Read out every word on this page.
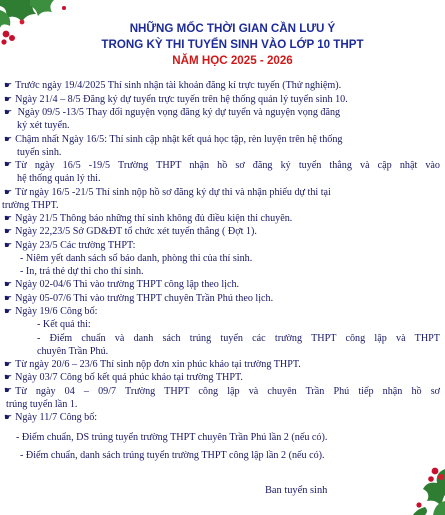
NHỮNG MỐC THỜI GIAN CẦN LƯU Ý
TRONG KỲ THI TUYỂN SINH VÀO LỚP 10 THPT
NĂM HỌC 2025 - 2026
☛ Trước ngày 19/4/2025 Thí sinh nhận tài khoản đăng kí trực tuyến (Thử nghiệm).
☛ Ngày 21/4 – 8/5 Đăng ký dự tuyển trực tuyến trên hệ thống quản lý tuyển sinh 10.
☛ Ngày 09/5 -13/5 Thay đổi nguyện vọng đăng ký dự tuyển và nguyện vọng đăng
ký xét tuyển.
☛ Chậm nhất Ngày 16/5: Thí sinh cập nhật kết quả học tập, rèn luyện trên hệ thống
tuyển sinh.
☛ Từ ngày 16/5 -19/5 Trường THPT nhận hồ sơ đăng ký tuyển thẳng và cập nhật vào
hệ thống quản lý thi.
☛ Từ ngày 16/5 -21/5 Thí sinh nộp hồ sơ đăng ký dự thi và nhận phiếu dự thi tại
trường THPT.
☛ Ngày 21/5 Thông báo những thí sinh không đủ điều kiện thi chuyên.
☛ Ngày 22,23/5 Sở GD&ĐT tổ chức xét tuyển thẳng ( Đợt 1).
☛ Ngày 23/5 Các trường THPT:
- Niêm yết danh sách số báo danh, phòng thi của thí sinh.
- In, trả thẻ dự thi cho thí sinh.
☛ Ngày 02-04/6 Thi vào trường THPT công lập theo lịch.
☛ Ngày 05-07/6 Thi vào trường THPT chuyên Trần Phú theo lịch.
☛ Ngày 19/6 Công bố:
- Kết quả thi:
- Điểm chuẩn và danh sách trúng tuyển các trường THPT công lập và THPT
chuyên Trần Phú.
☛ Từ ngày 20/6 – 23/6 Thí sinh nộp đơn xin phúc khảo tại trường THPT.
☛ Ngày 03/7 Công bố kết quả phúc khảo tại trường THPT.
☛ Từ ngày 04 – 09/7 Trường THPT công lập và chuyên Trần Phú tiếp nhận hồ sơ
trúng tuyển lần 1.
☛ Ngày 11/7 Công bố:
- Điểm chuẩn, DS trúng tuyển trường THPT chuyên Trần Phú lần 2 (nếu có).
- Điểm chuẩn, danh sách trúng tuyển trường THPT công lập lần 2 (nếu có).
Ban tuyển sinh
